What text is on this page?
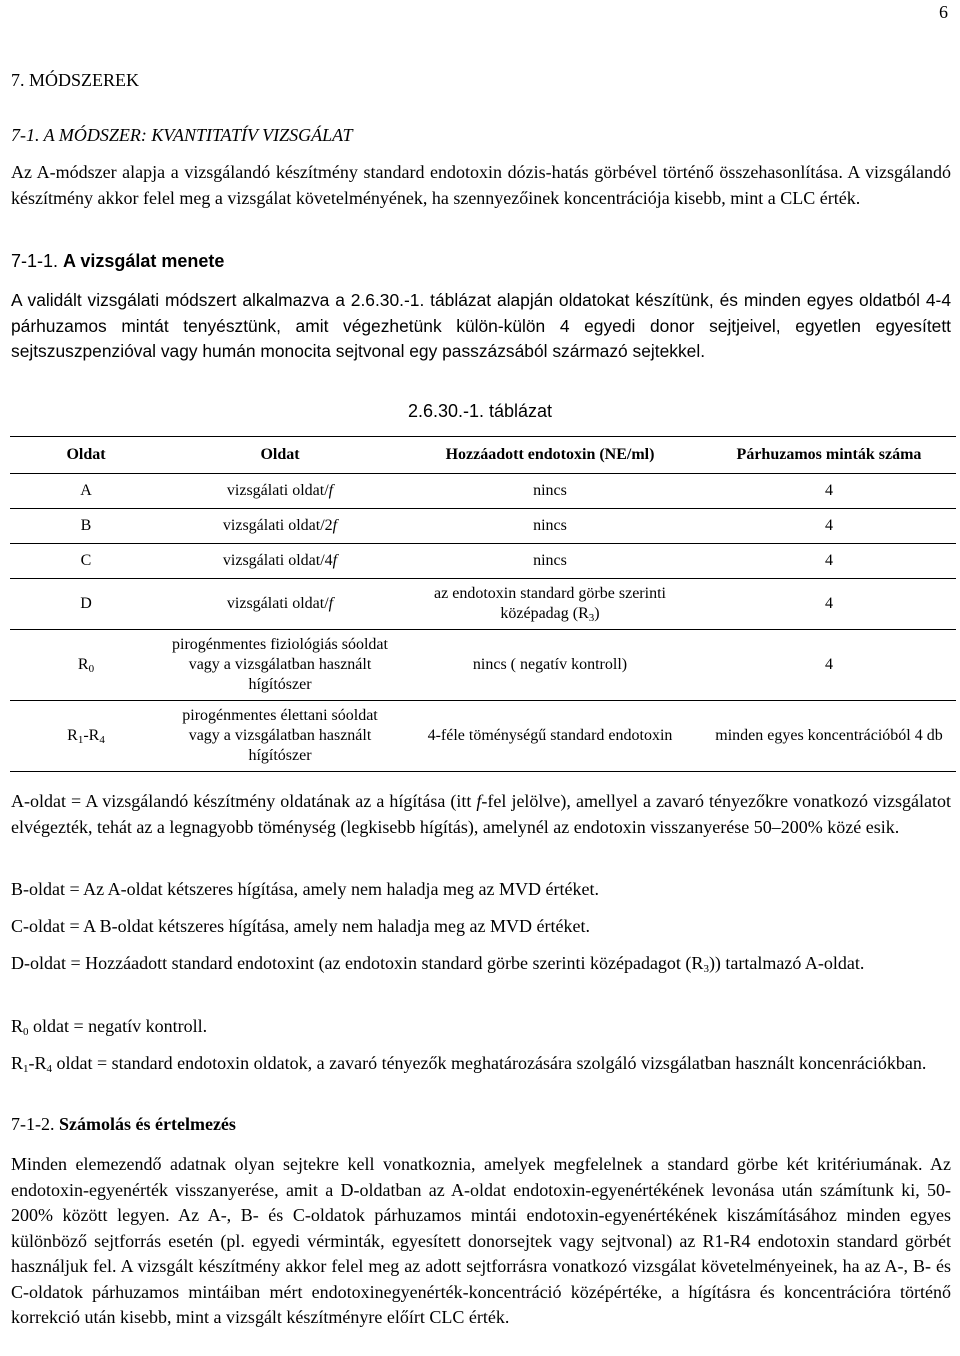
6
7. MÓDSZEREK
7-1. A MÓDSZER: KVANTITATÍV VIZSGÁLAT

Az A-módszer alapja a vizsgálandó készítmény standard endotoxin dózis-hatás görbével történő összehasonlítása. A vizsgálandó készítmény akkor felel meg a vizsgálat követelményének, ha szennyezőinek koncentrációja kisebb, mint a CLC érték.

7-1-1. A vizsgálat menete

A validált vizsgálati módszert alkalmazva a 2.6.30.-1. táblázat alapján oldatokat készítünk, és minden egyes oldatból 4-4 párhuzamos mintát tenyésztünk, amit végezhetünk külön-külön 4 egyedi donor sejtjeivel, egyetlen egyesített sejtszuszpenzióval vagy humán monocita sejtvonal egy passzázsából származó sejtekkel.

2.6.30.-1. táblázat
Oldat	Oldat	Hozzáadott endotoxin (NE/ml)	Párhuzamos minták száma
A	vizsgálati oldat/f	nincs	4
B	vizsgálati oldat/2f	nincs	4
C	vizsgálati oldat/4f	nincs	4
D	vizsgálati oldat/f	az endotoxin standard görbe szerinti középadag $(R_3)$	4
$R_0$	pirogénmentes fiziológiás sóoldat vagy a vizsgálatban használt hígítószer	nincs ( negatív kontroll)	4
$R_1-R_4$	pirogénmentes élettani sóoldat vagy a vizsgálatban használt hígítószer	4-féle töménységű standard endotoxin	minden egyes koncentrációból 4 db

A-oldat = A vizsgálandó készítmény oldatának az a hígítása (itt f-fel jelölve), amellyel a zavaró tényezőkre vonatkozó vizsgálatot elvégezték, tehát az a legnagyobb töménység (legkisebb hígítás), amelynél az endotoxin visszanyerése 50–200% közé esik.

B-oldat = Az A-oldat kétszeres hígítása, amely nem haladja meg az MVD értéket.

C-oldat = A B-oldat kétszeres hígítása, amely nem haladja meg az MVD értéket.

D-oldat = Hozzáadott standard endotoxint (az endotoxin standard görbe szerinti középadagot $(R_3)$) tartalmazó A-oldat.

$R_0$ oldat = negatív kontroll.

$R_1-R_4$ oldat = standard endotoxin oldatok, a zavaró tényezők meghatározására szolgáló vizsgálatban használt koncenrációkban.

7-1-2. Számolás és értelmezés

Minden elemezendő adatnak olyan sejtekre kell vonatkoznia, amelyek megfelelnek a standard görbe két kritériumának. Az endotoxin-egyenérték visszanyerése, amit a D-oldatban az A-oldat endotoxin-egyenértékének levonása után számítunk ki, 50-200% között legyen. Az A-, B- és C-oldatok párhuzamos mintái endotoxin-egyenértékének kiszámításához minden egyes különböző sejtforrás esetén (pl. egyedi vérminták, egyesített donorsejtek vagy sejtvonal) az R1-R4 endotoxin standard görbét használjuk fel. A vizsgált készítmény akkor felel meg az adott sejtforrásra vonatkozó vizsgálat követelményeinek, ha az A-, B- és C-oldatok párhuzamos mintáiban mért endotoxinegyenérték-koncentráció középértéke, a hígításra és koncentrációra történő korrekció után kisebb, mint a vizsgált készítményre előírt CLC érték.
